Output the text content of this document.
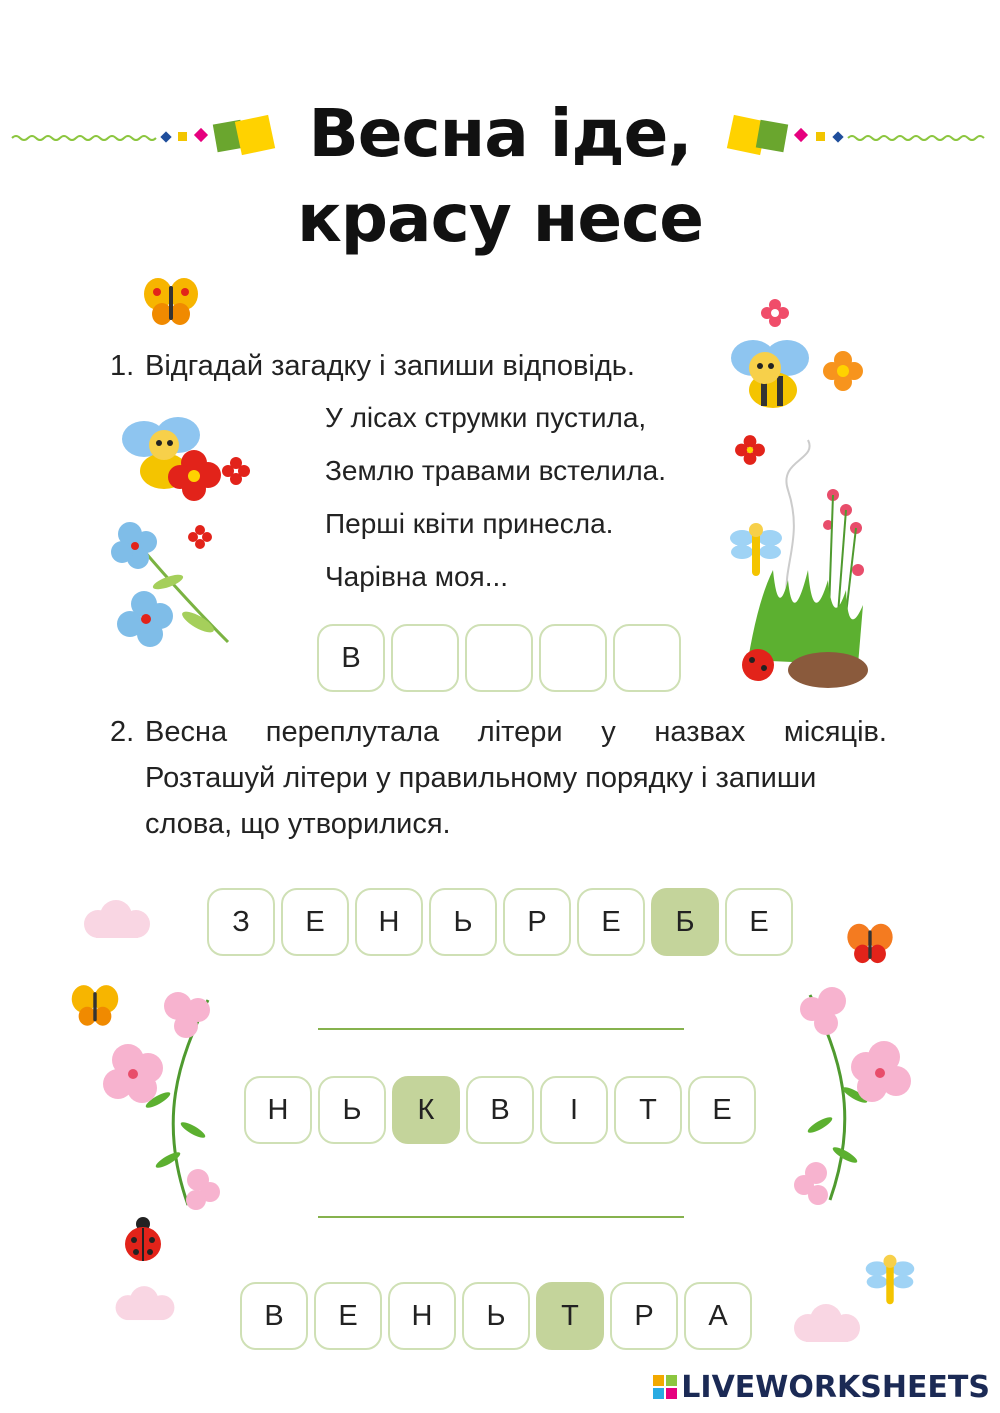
Весна іде,
красу несе
1. Відгадай загадку і запиши відповідь.
У лісах струмки пустила,
Землю травами встелила.
Перші квіти принесла.
Чарівна моя...
В
2. Весна переплутала літери у назвах місяців.
Розташуй літери у правильному порядку і запиши
слова, що утворилися.
З	Е	Н	Ь	Р	Е	Б	Е
Н	Ь	К	В	І	Т	Е
В	Е	Н	Ь	Т	Р	А
LIVEWORKSHEETS
